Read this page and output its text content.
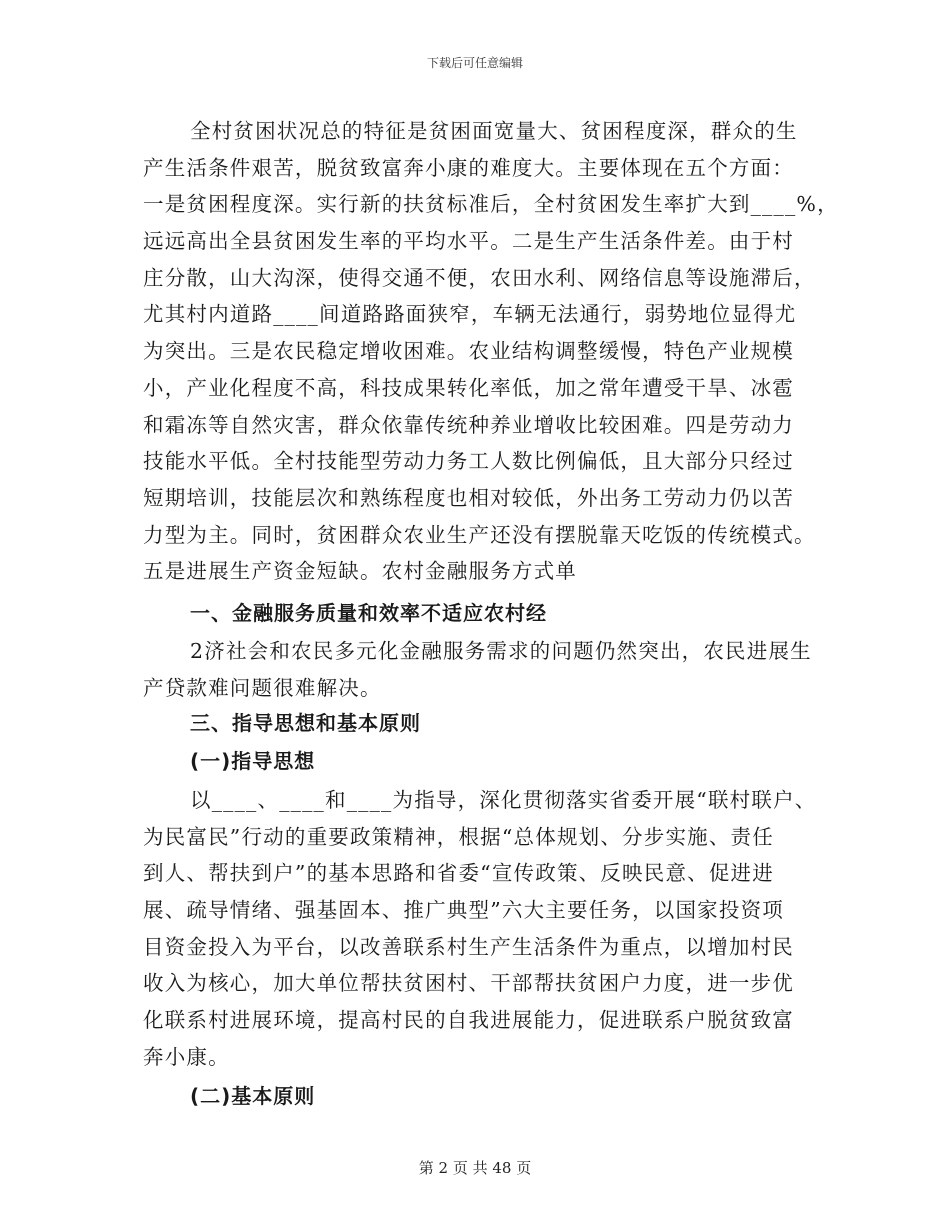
下载后可任意编辑
全村贫困状况总的特征是贫困面宽量大、贫困程度深，群众的生
产生活条件艰苦，脱贫致富奔小康的难度大。主要体现在五个方面：
一是贫困程度深。实行新的扶贫标准后，全村贫困发生率扩大到____%，
远远高出全县贫困发生率的平均水平。二是生产生活条件差。由于村
庄分散，山大沟深，使得交通不便，农田水利、网络信息等设施滞后，
尤其村内道路____间道路路面狭窄，车辆无法通行，弱势地位显得尤
为突出。三是农民稳定增收困难。农业结构调整缓慢，特色产业规模
小，产业化程度不高，科技成果转化率低，加之常年遭受干旱、冰雹
和霜冻等自然灾害，群众依靠传统种养业增收比较困难。四是劳动力
技能水平低。全村技能型劳动力务工人数比例偏低，且大部分只经过
短期培训，技能层次和熟练程度也相对较低，外出务工劳动力仍以苦
力型为主。同时，贫困群众农业生产还没有摆脱靠天吃饭的传统模式。
五是进展生产资金短缺。农村金融服务方式单
一、金融服务质量和效率不适应农村经
2济社会和农民多元化金融服务需求的问题仍然突出，农民进展生
产贷款难问题很难解决。
三、指导思想和基本原则
(一)指导思想
以____、____和____为指导，深化贯彻落实省委开展“联村联户、
为民富民”行动的重要政策精神，根据“总体规划、分步实施、责任
到人、帮扶到户”的基本思路和省委“宣传政策、反映民意、促进进
展、疏导情绪、强基固本、推广典型”六大主要任务，以国家投资项
目资金投入为平台，以改善联系村生产生活条件为重点，以增加村民
收入为核心，加大单位帮扶贫困村、干部帮扶贫困户力度，进一步优
化联系村进展环境，提高村民的自我进展能力，促进联系户脱贫致富
奔小康。
(二)基本原则
第 2 页 共 48 页
